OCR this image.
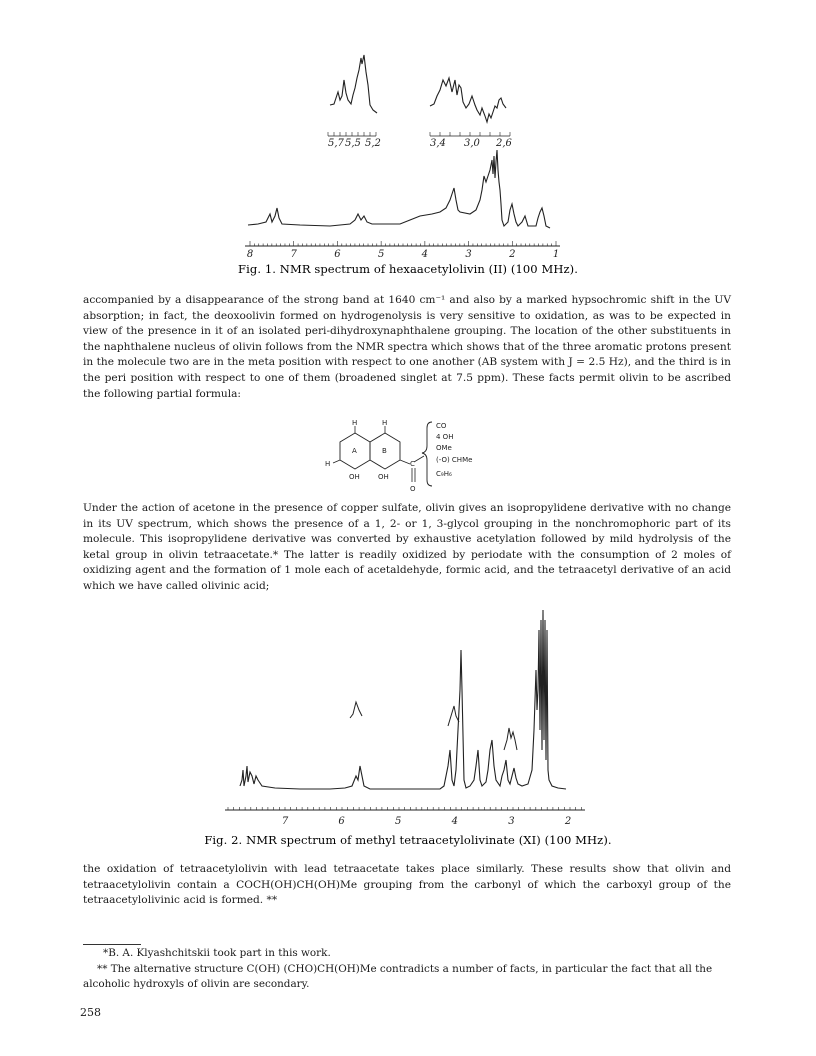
5,7 5,5 5,2	3,4 3,0 2,6
8	7	6	5	4	3	2	1
Fig. 1. NMR spectrum of hexaacetylolivin (II) (100 MHz).

accompanied by a disappearance of the strong band at 1640 cm⁻¹ and also by a marked hypsochromic shift in the UV absorption; in fact, the deoxoolivin formed on hydrogenolysis is very sensitive to oxidation, as was to be expected in view of the presence in it of an isolated peri-dihydroxynaphthalene grouping. The location of the other substituents in the naphthalene nucleus of olivin follows from the NMR spectra which shows that of the three aromatic protons present in the molecule two are in the meta position with respect to one another (AB system with J = 2.5 Hz), and the third is in the peri position with respect to one of them (broadened singlet at 7.5 ppm). These facts permit olivin to be ascribed the following partial formula:

A	B
H	H
H
OH	OH
O
C
CO
4 OH
OMe
(-O) CHMe
C₉H₆

Under the action of acetone in the presence of copper sulfate, olivin gives an isopropylidene derivative with no change in its UV spectrum, which shows the presence of a 1, 2- or 1, 3-glycol grouping in the nonchromophoric part of its molecule. This isopropylidene derivative was converted by exhaustive acetylation followed by mild hydrolysis of the ketal group in olivin tetraacetate.* The latter is readily oxidized by periodate with the consumption of 2 moles of oxidizing agent and the formation of 1 mole each of acetaldehyde, formic acid, and the tetraacetyl derivative of an acid which we have called olivinic acid;

7	6	5	4	3	2
Fig. 2. NMR spectrum of methyl tetraacetylolivinate (XI) (100 MHz).

the oxidation of tetraacetylolivin with lead tetraacetate takes place similarly. These results show that olivin and tetraacetylolivin contain a COCH(OH)CH(OH)Me grouping from the carbonyl of which the carboxyl group of the tetraacetylolivinic acid is formed. **

*B. A. Klyashchitskii took part in this work.
** The alternative structure C(OH) (CHO)CH(OH)Me contradicts a number of facts, in particular the fact that all the alcoholic hydroxyls of olivin are secondary.
258
